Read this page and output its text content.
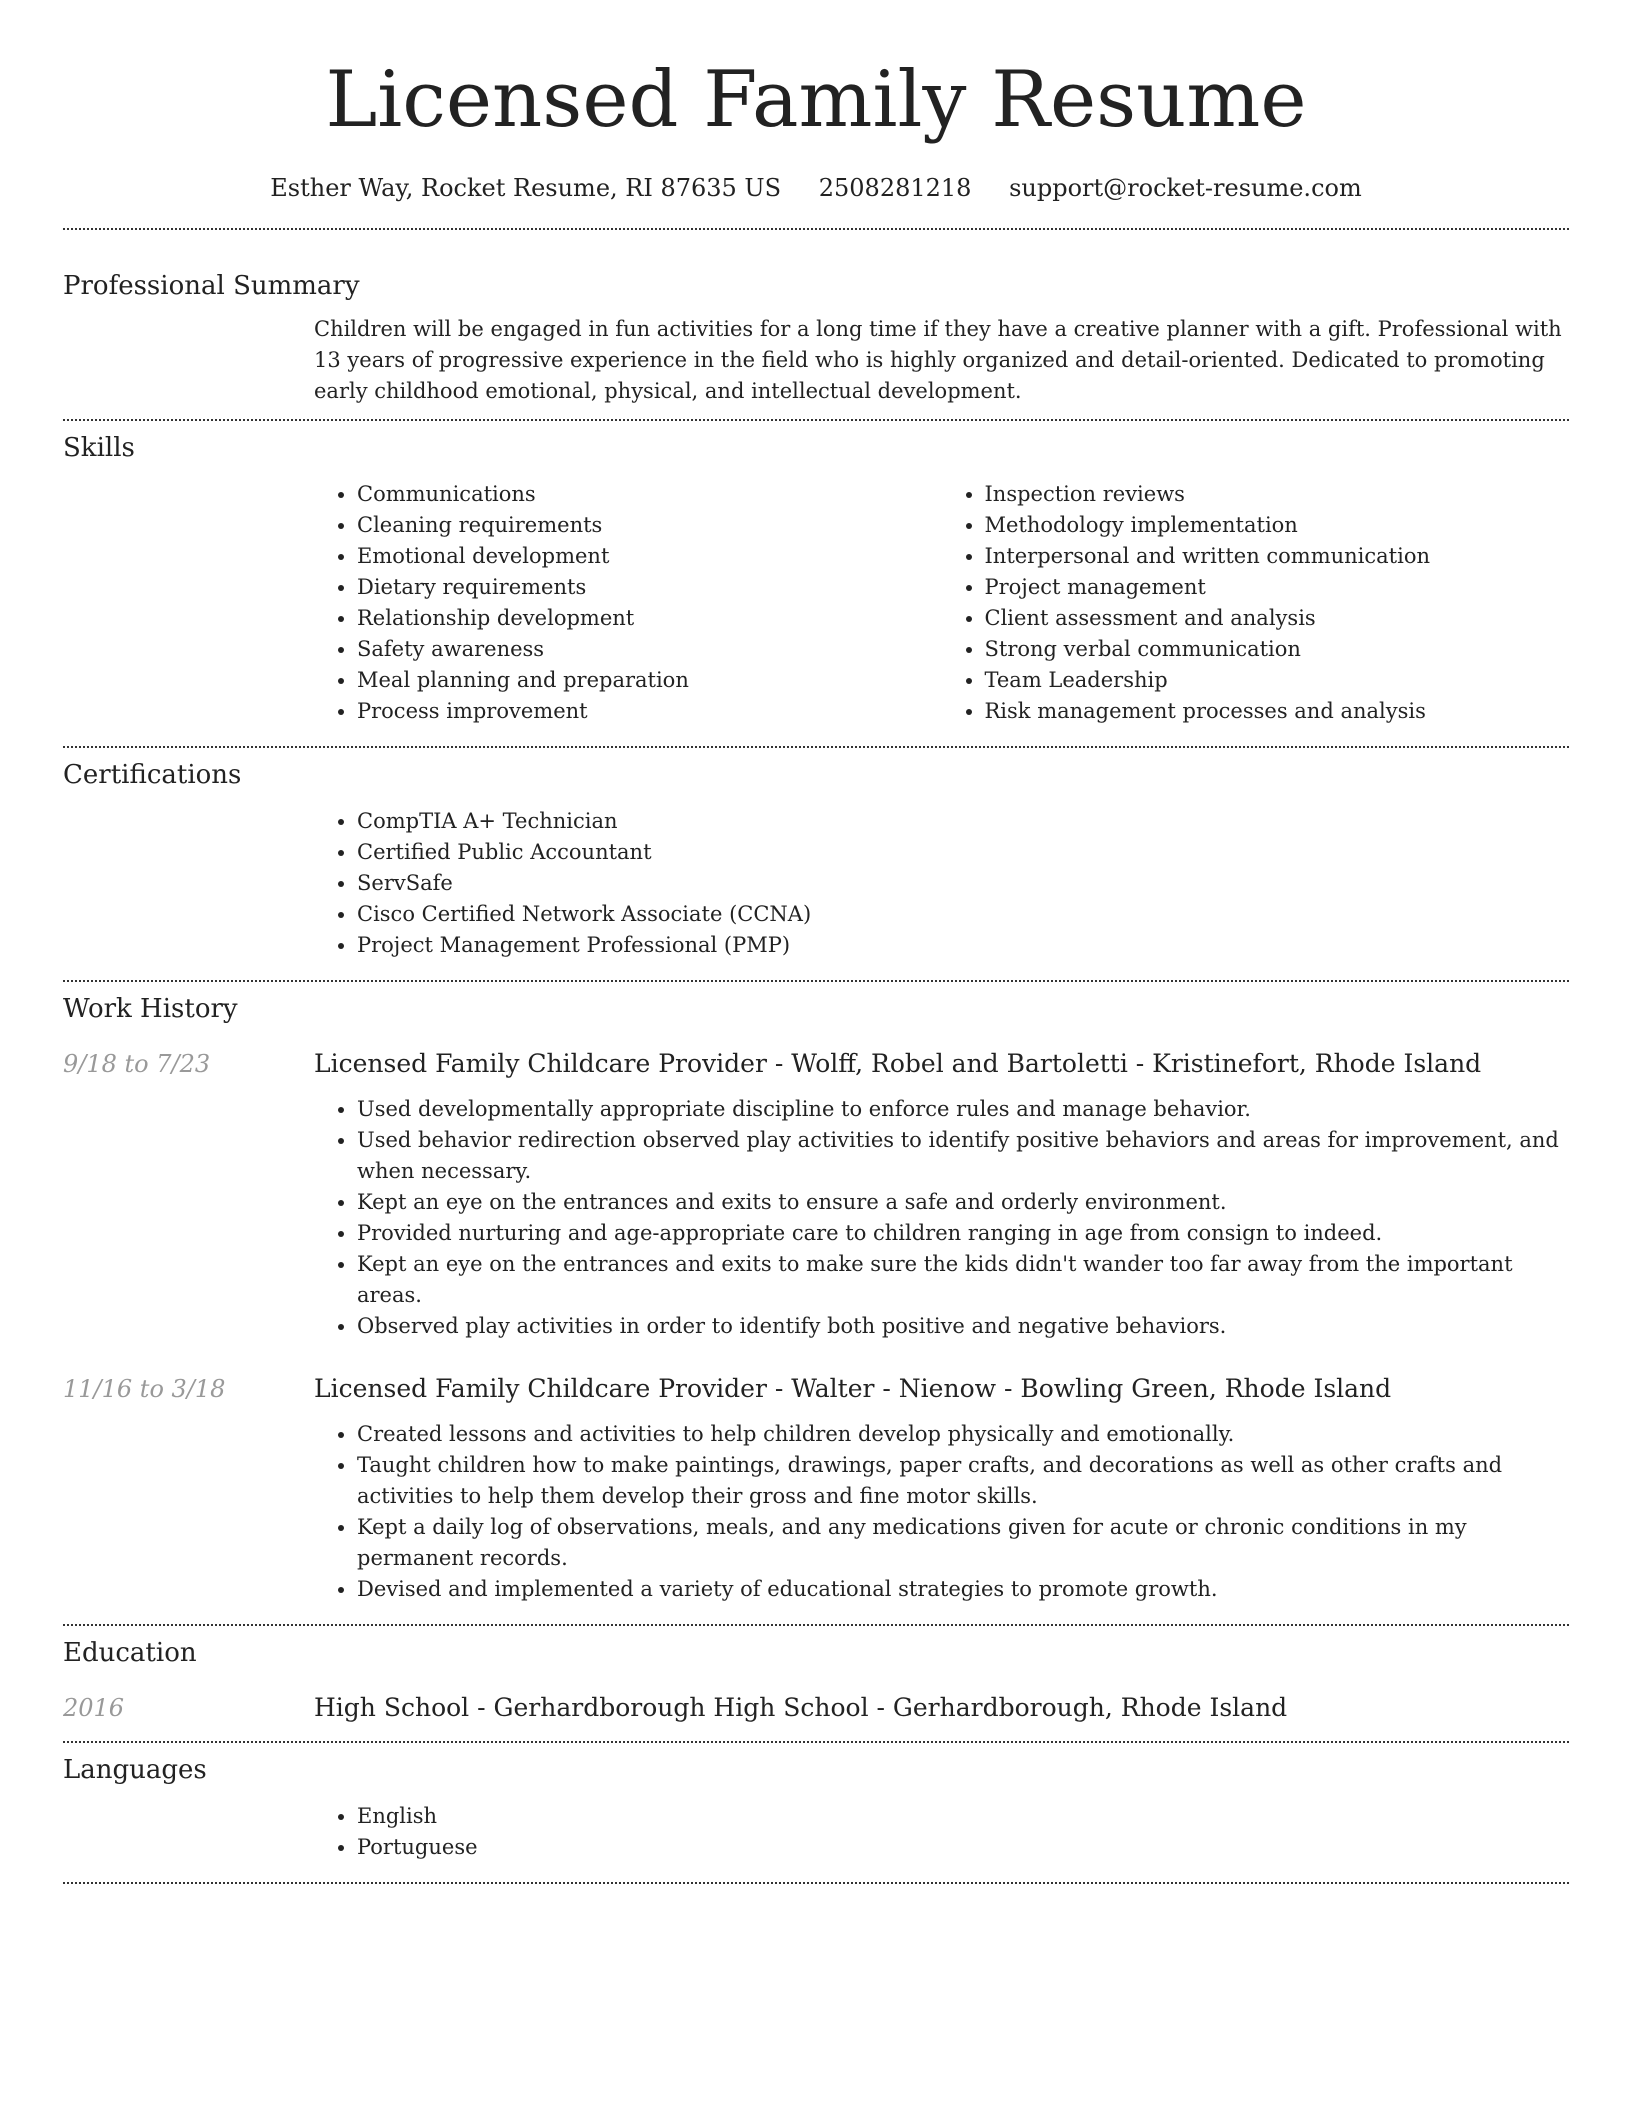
Licensed Family Resume
Esther Way, Rocket Resume, RI 87635 US 2508281218 support@rocket-resume.com
Professional Summary
Children will be engaged in fun activities for a long time if they have a creative planner with a gift. Professional with 13 years of progressive experience in the field who is highly organized and detail-oriented. Dedicated to promoting early childhood emotional, physical, and intellectual development.
Skills
• Communications
• Cleaning requirements
• Emotional development
• Dietary requirements
• Relationship development
• Safety awareness
• Meal planning and preparation
• Process improvement
• Inspection reviews
• Methodology implementation
• Interpersonal and written communication
• Project management
• Client assessment and analysis
• Strong verbal communication
• Team Leadership
• Risk management processes and analysis
Certifications
• CompTIA A+ Technician
• Certified Public Accountant
• ServSafe
• Cisco Certified Network Associate (CCNA)
• Project Management Professional (PMP)
Work History
9/18 to 7/23	Licensed Family Childcare Provider - Wolff, Robel and Bartoletti - Kristinefort, Rhode Island
• Used developmentally appropriate discipline to enforce rules and manage behavior.
• Used behavior redirection observed play activities to identify positive behaviors and areas for improvement, and when necessary.
• Kept an eye on the entrances and exits to ensure a safe and orderly environment.
• Provided nurturing and age-appropriate care to children ranging in age from consign to indeed.
• Kept an eye on the entrances and exits to make sure the kids didn't wander too far away from the important areas.
• Observed play activities in order to identify both positive and negative behaviors.
11/16 to 3/18	Licensed Family Childcare Provider - Walter - Nienow - Bowling Green, Rhode Island
• Created lessons and activities to help children develop physically and emotionally.
• Taught children how to make paintings, drawings, paper crafts, and decorations as well as other crafts and activities to help them develop their gross and fine motor skills.
• Kept a daily log of observations, meals, and any medications given for acute or chronic conditions in my permanent records.
• Devised and implemented a variety of educational strategies to promote growth.
Education
2016	High School - Gerhardborough High School - Gerhardborough, Rhode Island
Languages
• English
• Portuguese
